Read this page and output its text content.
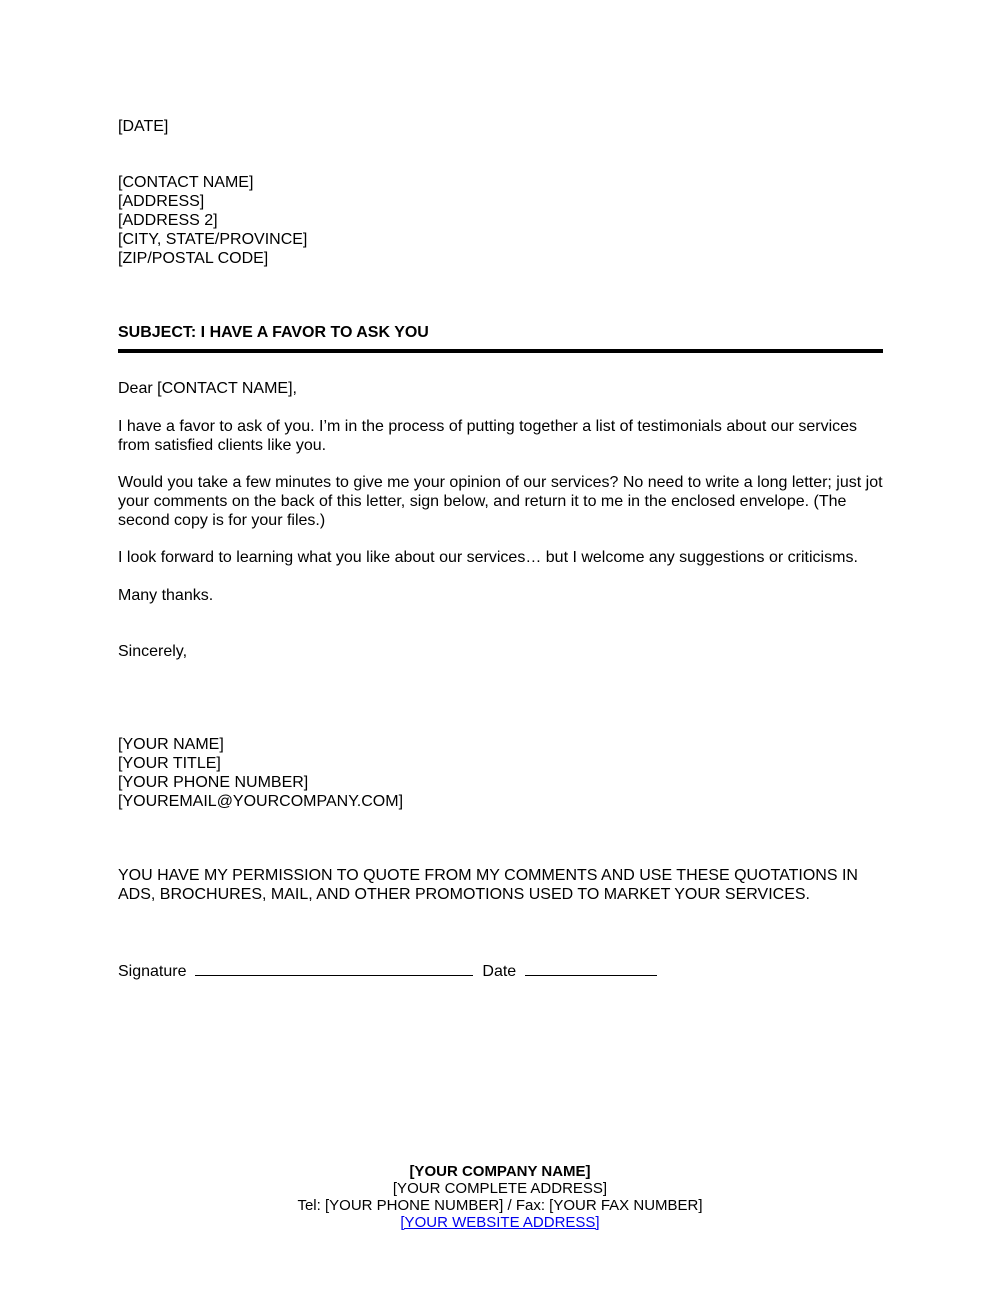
[DATE]
[CONTACT NAME]
[ADDRESS]
[ADDRESS 2]
[CITY, STATE/PROVINCE]
[ZIP/POSTAL CODE]
SUBJECT: I HAVE A FAVOR TO ASK YOU
Dear [CONTACT NAME],
I have a favor to ask of you. I’m in the process of putting together a list of testimonials about our services from satisfied clients like you.
Would you take a few minutes to give me your opinion of our services? No need to write a long letter; just jot your comments on the back of this letter, sign below, and return it to me in the enclosed envelope. (The second copy is for your files.)
I look forward to learning what you like about our services… but I welcome any suggestions or criticisms.
Many thanks.
Sincerely,
[YOUR NAME]
[YOUR TITLE]
[YOUR PHONE NUMBER]
[YOUREMAIL@YOURCOMPANY.COM]
YOU HAVE MY PERMISSION TO QUOTE FROM MY COMMENTS AND USE THESE QUOTATIONS IN ADS, BROCHURES, MAIL, AND OTHER PROMOTIONS USED TO MARKET YOUR SERVICES.
Signature	Date
[YOUR COMPANY NAME]
[YOUR COMPLETE ADDRESS]
Tel: [YOUR PHONE NUMBER] / Fax: [YOUR FAX NUMBER]
[YOUR WEBSITE ADDRESS]
